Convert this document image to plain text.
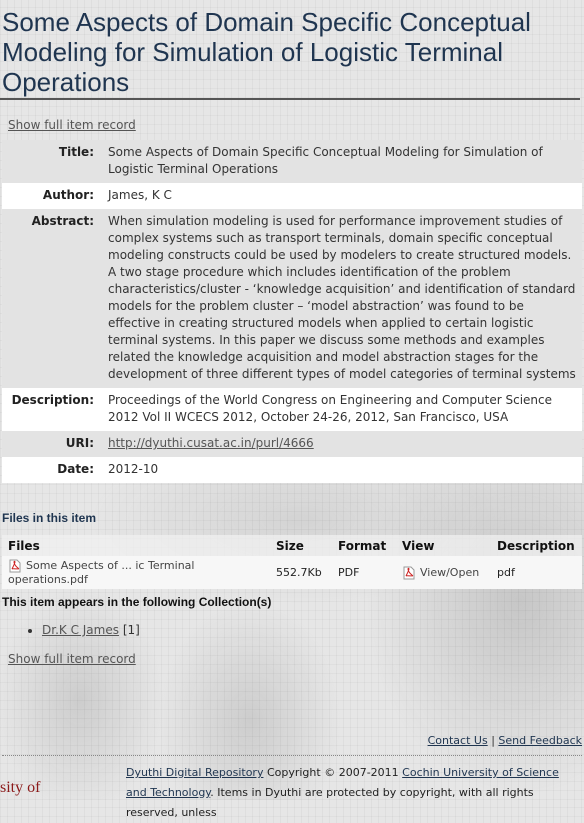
Some Aspects of Domain Specific Conceptual Modeling for Simulation of Logistic Terminal Operations
Show full item record
Title:	Some Aspects of Domain Specific Conceptual Modeling for Simulation of Logistic Terminal Operations
Author:	James, K C
Abstract:	When simulation modeling is used for performance improvement studies of complex systems such as transport terminals, domain specific conceptual modeling constructs could be used by modelers to create structured models. A two stage procedure which includes identification of the problem characteristics/cluster - ‘knowledge acquisition’ and identification of standard models for the problem cluster – ‘model abstraction’ was found to be effective in creating structured models when applied to certain logistic terminal systems. In this paper we discuss some methods and examples related the knowledge acquisition and model abstraction stages for the development of three different types of model categories of terminal systems
Description:	Proceedings of the World Congress on Engineering and Computer Science 2012 Vol II WCECS 2012, October 24-26, 2012, San Francisco, USA
URI:	http://dyuthi.cusat.ac.in/purl/4666
Date:	2012-10
Files in this item
Files	Size	Format	View	Description
Some Aspects of ... ic Terminal operations.pdf	552.7Kb	PDF	View/Open	pdf
This item appears in the following Collection(s)
• Dr.K C James [1]
Show full item record
Contact Us | Send Feedback
Dyuthi Digital Repository Copyright © 2007-2011 Cochin University of Science and Technology. Items in Dyuthi are protected by copyright, with all rights reserved, unless
sity of
